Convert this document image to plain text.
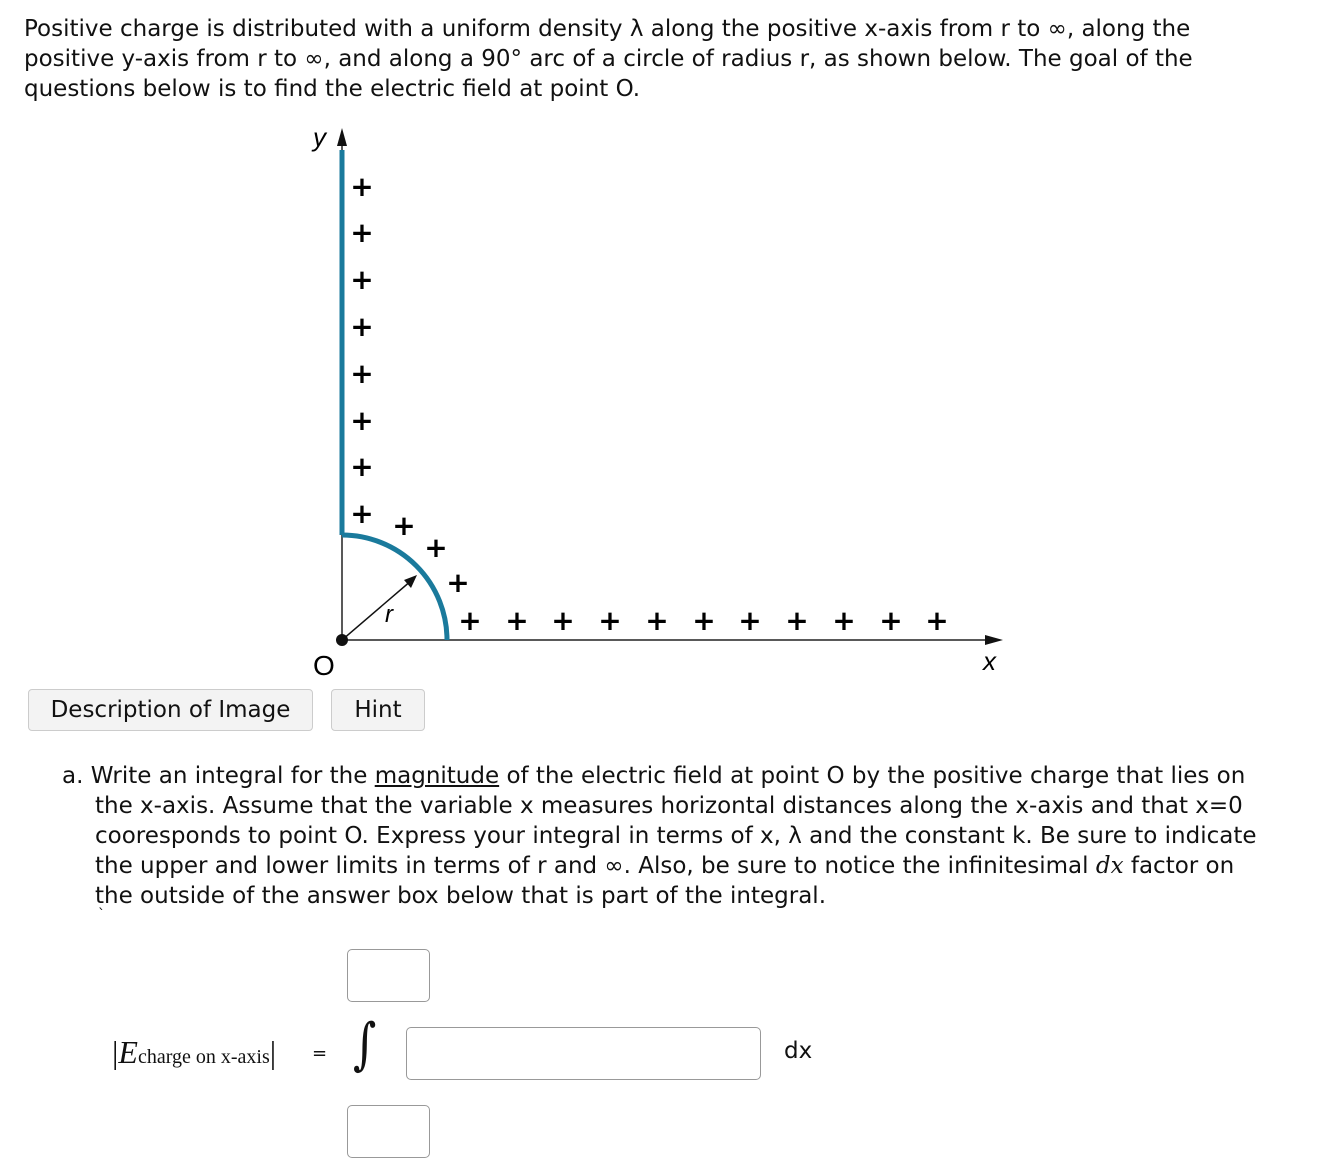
Positive charge is distributed with a uniform density λ along the positive x-axis from r to ∞, along the
positive y-axis from r to ∞, and along a 90° arc of a circle of radius r, as shown below. The goal of the
questions below is to find the electric field at point O.
y
x
O
r
+
+
+
+
+
+
+
+ +
+
+
+ + + + + + + + + + +
Description of Image	Hint
a. Write an integral for the magnitude of the electric field at point O by the positive charge that lies on
the x-axis. Assume that the variable x measures horizontal distances along the x-axis and that x=0
cooresponds to point O. Express your integral in terms of x, λ and the constant k. Be sure to indicate
the upper and lower limits in terms of r and ∞. Also, be sure to notice the infinitesimal dx factor on
the outside of the answer box below that is part of the integral.
`
|Echarge on x-axis| = ∫	dx
